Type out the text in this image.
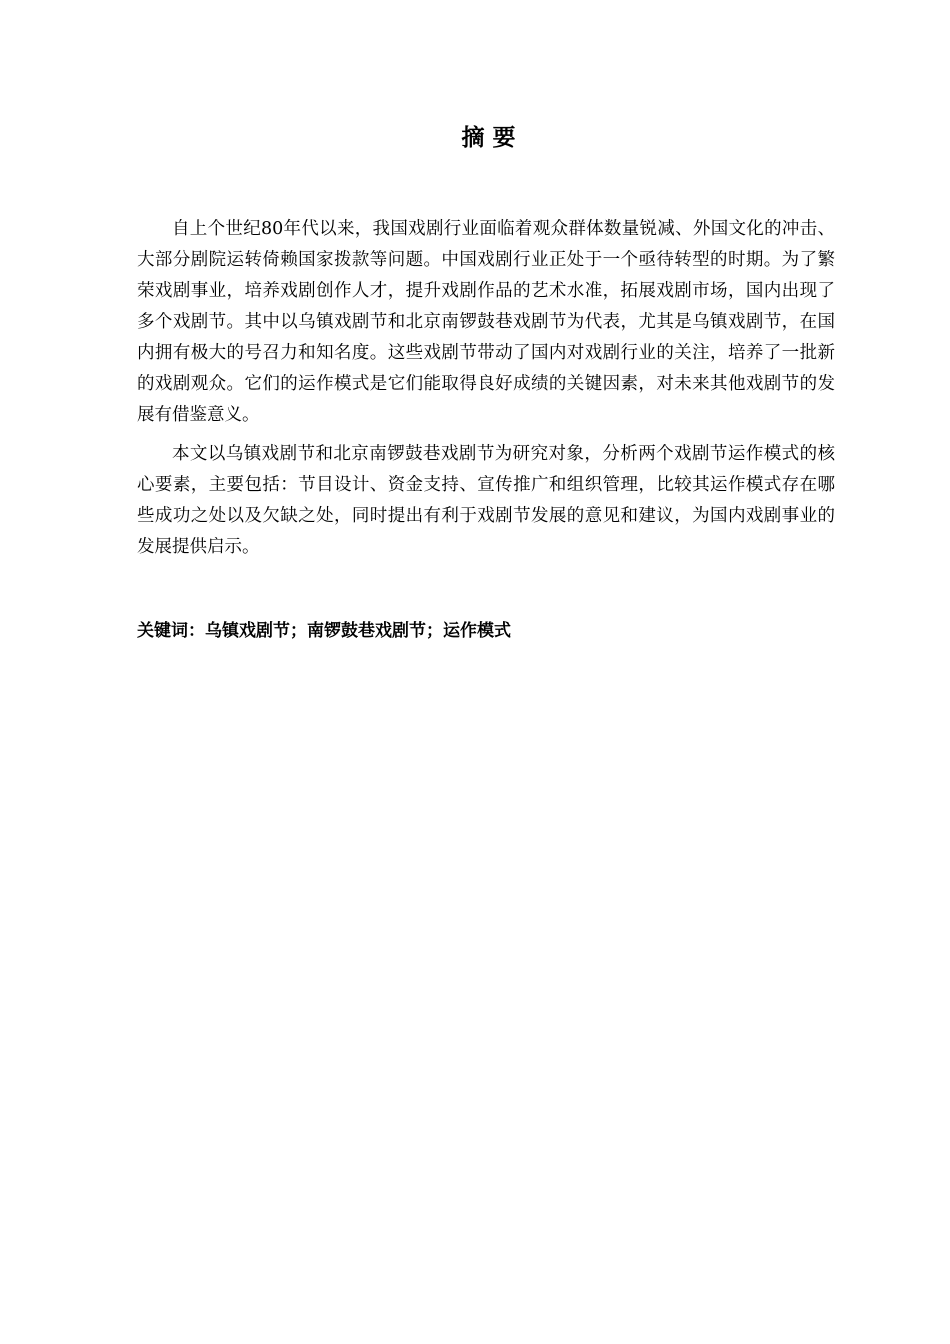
摘要

自上个世纪80年代以来，我国戏剧行业面临着观众群体数量锐减、外国文化的冲击、大部分剧院运转倚赖国家拨款等问题。中国戏剧行业正处于一个亟待转型的时期。为了繁荣戏剧事业，培养戏剧创作人才，提升戏剧作品的艺术水准，拓展戏剧市场，国内出现了多个戏剧节。其中以乌镇戏剧节和北京南锣鼓巷戏剧节为代表，尤其是乌镇戏剧节，在国内拥有极大的号召力和知名度。这些戏剧节带动了国内对戏剧行业的关注，培养了一批新的戏剧观众。它们的运作模式是它们能取得良好成绩的关键因素，对未来其他戏剧节的发展有借鉴意义。

本文以乌镇戏剧节和北京南锣鼓巷戏剧节为研究对象，分析两个戏剧节运作模式的核心要素，主要包括：节目设计、资金支持、宣传推广和组织管理，比较其运作模式存在哪些成功之处以及欠缺之处，同时提出有利于戏剧节发展的意见和建议，为国内戏剧事业的发展提供启示。

关键词：乌镇戏剧节；南锣鼓巷戏剧节；运作模式
